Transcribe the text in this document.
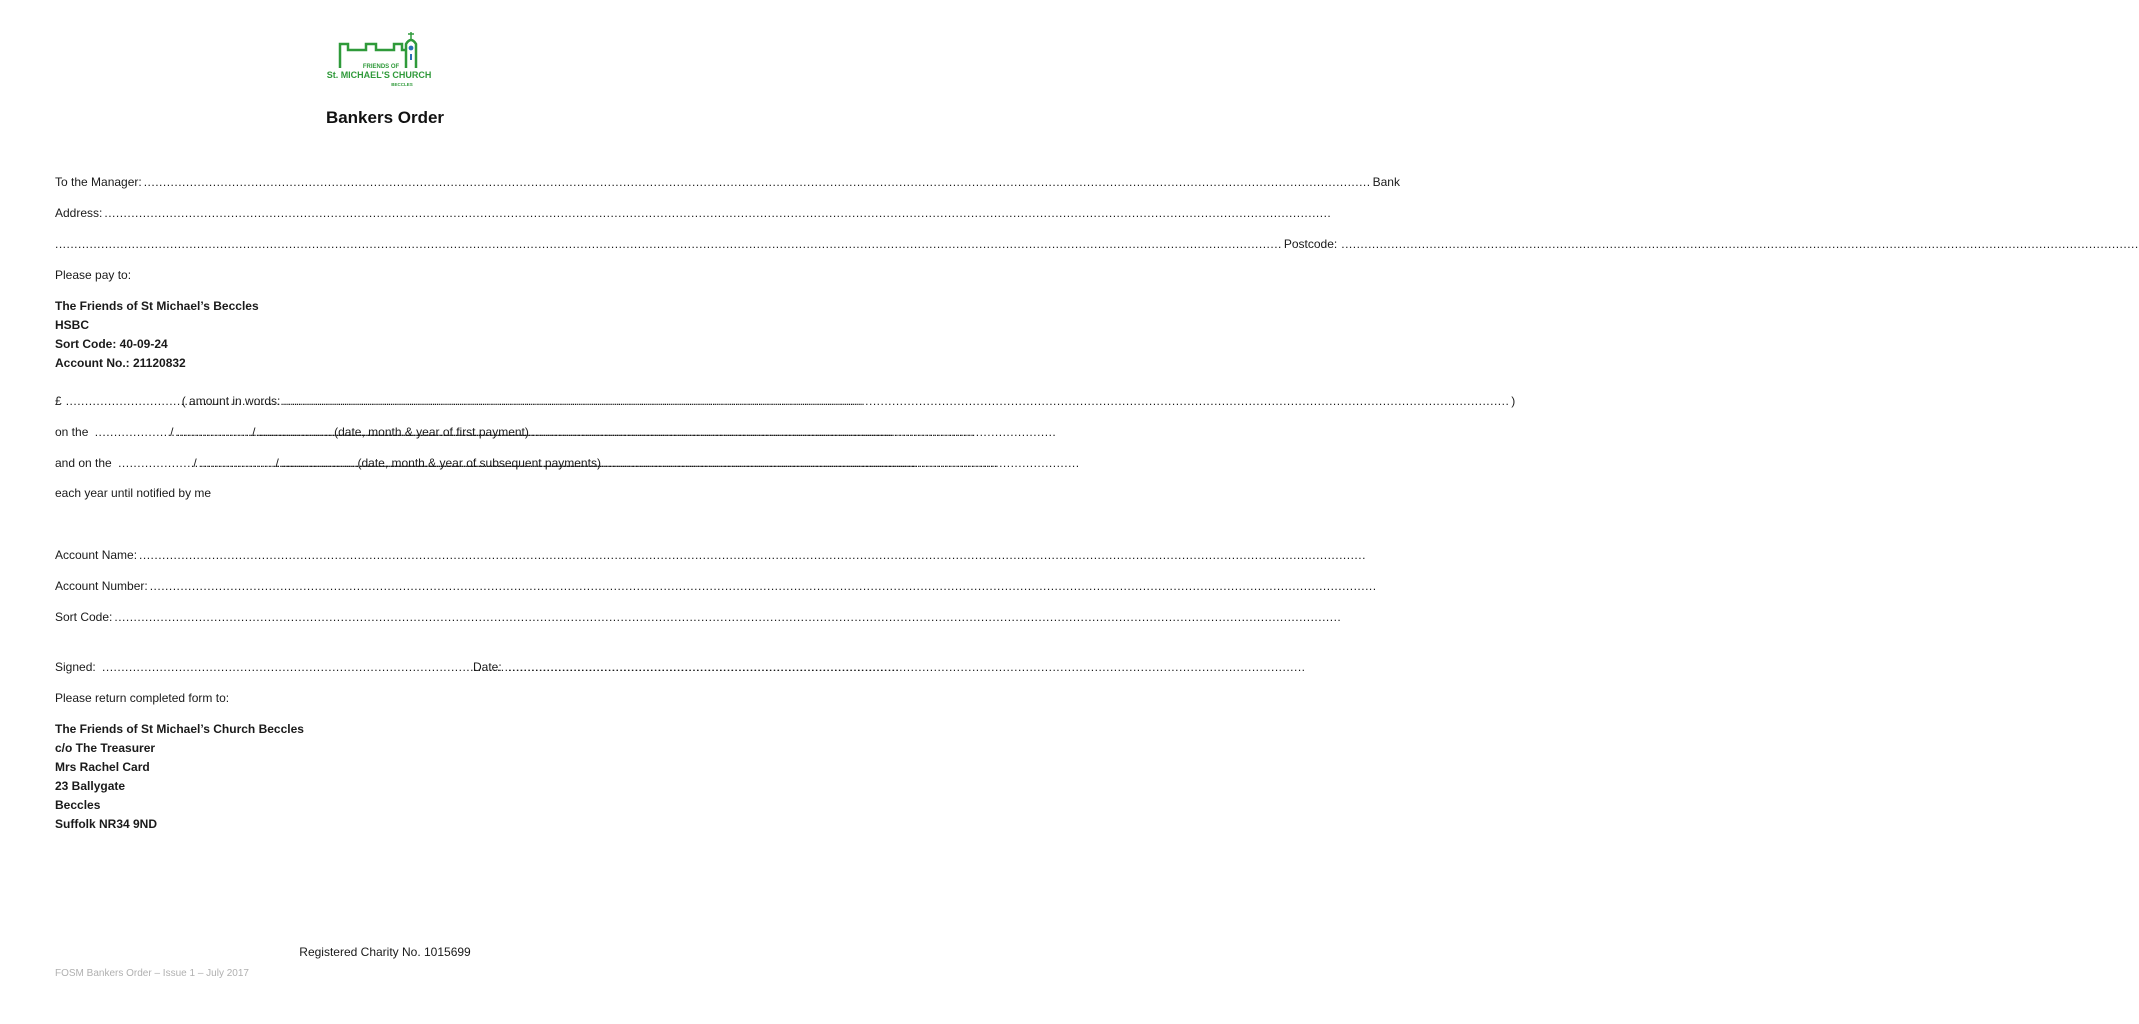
FRIENDS OF
St. MICHAEL'S CHURCH
BECCLES
Bankers Order
To the Manager: .....	Bank
Address:
.....
.....
Postcode:
.....
Please pay to:
The Friends of St Michael’s Beccles
HSBC
Sort Code: 40-09-24
Account No.: 21120832
£ .....	( amount in words: .....	)
on the .....	/ .....	/ .....	(date, month & year of first payment)
and on the .....	/ .....	/ .....	(date, month & year of subsequent payments)
each year until notified by me
Account Name:
.....
Account Number:
.....
Sort Code:
.....
Signed: .....	Date: .....
Please return completed form to:
The Friends of St Michael’s Church Beccles
c/o The Treasurer
Mrs Rachel Card
23 Ballygate
Beccles
Suffolk NR34 9ND
Registered Charity No. 1015699
FOSM Bankers Order – Issue 1 – July 2017
